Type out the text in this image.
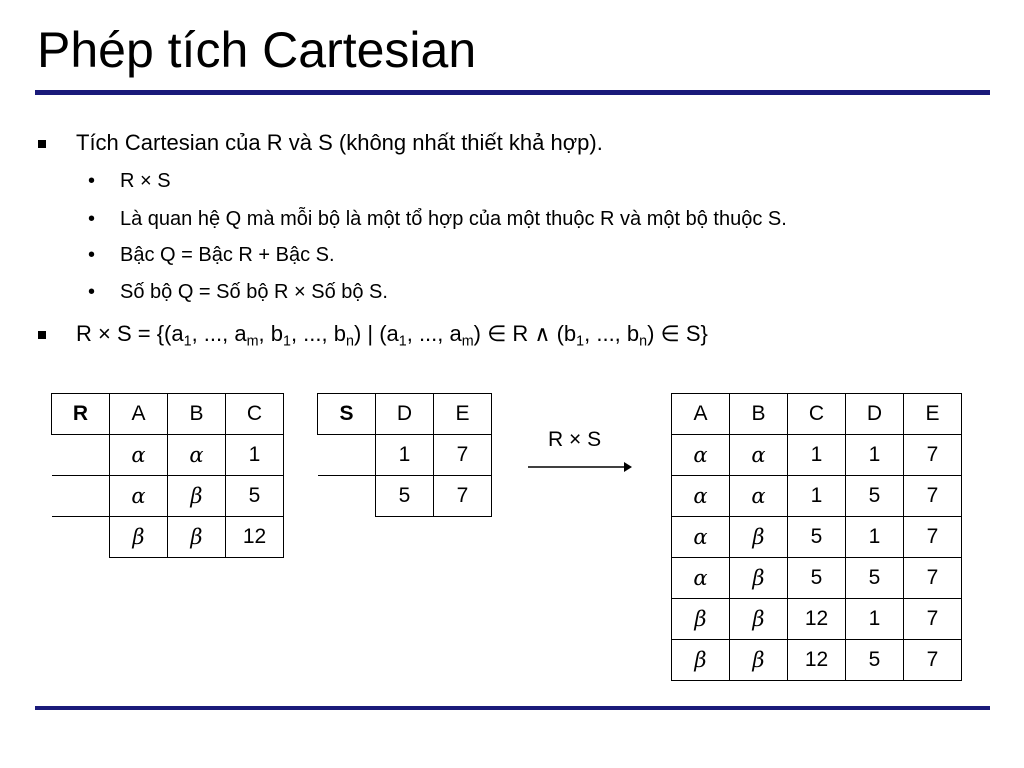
Phép tích Cartesian
Tích Cartesian của R và S (không nhất thiết khả hợp).
• R × S
• Là quan hệ Q mà mỗi bộ là một tổ hợp của một thuộc R và một bộ thuộc S.
• Bậc Q = Bậc R + Bậc S.
• Số bộ Q = Số bộ R × Số bộ S.
$R \times S = \{(a_1$, ..., $a_m$, $b_1$, ..., $b_n$) | ($a_1$, ..., $a_m$) ∈ R ∧ ($b_1$, ..., $b_n$) ∈ S}
R	A	B	C
	α	α	1
	α	β	5
	β	β	12
S	D	E
	1	7
	5	7
R × S
A	B	C	D	E
α	α	1	1	7
α	α	1	5	7
α	β	5	1	7
α	β	5	5	7
β	β	12	1	7
β	β	12	5	7
